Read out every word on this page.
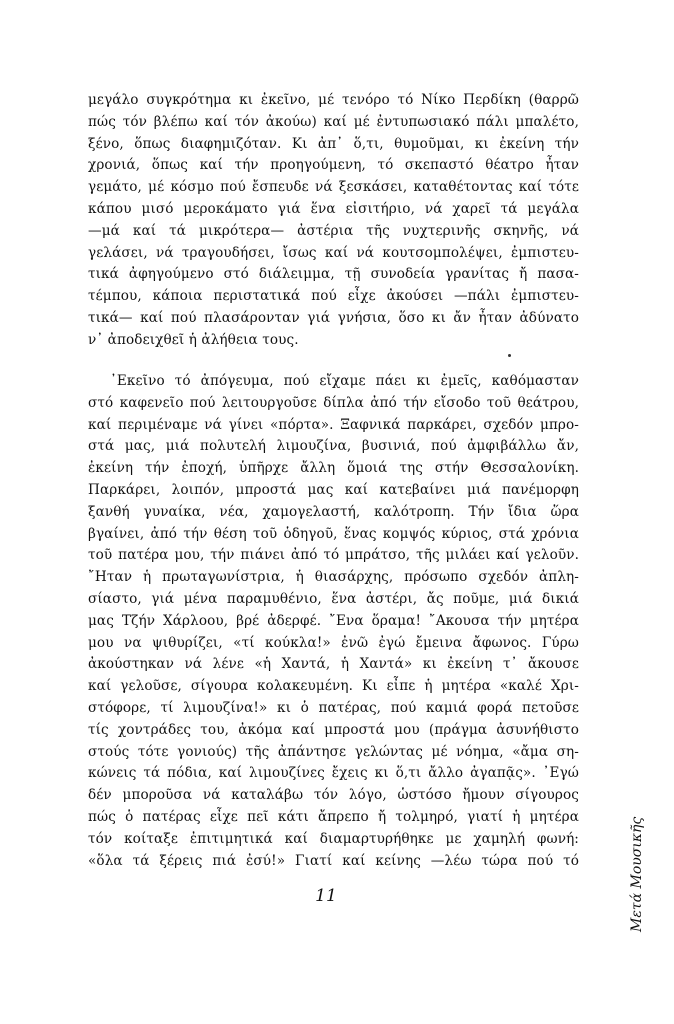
μεγάλο συγκρότημα κι ἐκεῖνο, μέ τενόρο τό Νίκο Περδίκη (θαρρῶ
πώς τόν βλέπω καί τόν ἀκούω) καί μέ ἐντυπωσιακό πάλι μπαλέτο,
ξένο, ὅπως διαφημιζόταν. Κι ἀπ᾿ ὅ,τι, θυμοῦμαι, κι ἐκείνη τήν
χρονιά, ὅπως καί τήν προηγούμενη, τό σκεπαστό θέατρο ἦταν
γεμάτο, μέ κόσμο πού ἔσπευδε νά ξεσκάσει, καταθέτοντας καί τότε
κάπου μισό μεροκάματο γιά ἕνα εἰσιτήριο, νά χαρεῖ τά μεγάλα
—μά καί τά μικρότερα— ἀστέρια τῆς νυχτερινῆς σκηνῆς, νά
γελάσει, νά τραγουδήσει, ἴσως καί νά κουτσομπολέψει, ἐμπιστευ-
τικά ἀφηγούμενο στό διάλειμμα, τῇ συνοδεία γρανίτας ἤ πασα-
τέμπου, κάποια περιστατικά πού εἶχε ἀκούσει —πάλι ἐμπιστευ-
τικά— καί πού πλασάρονταν γιά γνήσια, ὅσο κι ἄν ἦταν ἀδύνατο
ν᾿ ἀποδειχθεῖ ἡ ἀλήθεια τους.
᾿Εκεῖνο τό ἀπόγευμα, πού εἴχαμε πάει κι ἐμεῖς, καθόμασταν
στό καφενεῖο πού λειτουργοῦσε δίπλα ἀπό τήν εἴσοδο τοῦ θεάτρου,
καί περιμέναμε νά γίνει «πόρτα». Ξαφνικά παρκάρει, σχεδόν μπρο-
στά μας, μιά πολυτελή λιμουζίνα, βυσινιά, πού ἀμφιβάλλω ἄν,
ἐκείνη τήν ἐποχή, ὑπῆρχε ἄλλη ὅμοιά της στήν Θεσσαλονίκη.
Παρκάρει, λοιπόν, μπροστά μας καί κατεβαίνει μιά πανέμορφη
ξανθή γυναίκα, νέα, χαμογελαστή, καλότροπη. Τήν ἴδια ὥρα
βγαίνει, ἀπό τήν θέση τοῦ ὁδηγοῦ, ἕνας κομψός κύριος, στά χρόνια
τοῦ πατέρα μου, τήν πιάνει ἀπό τό μπράτσο, τῆς μιλάει καί γελοῦν.
῎Ηταν ἡ πρωταγωνίστρια, ἡ θιασάρχης, πρόσωπο σχεδόν ἀπλη-
σίαστο, γιά μένα παραμυθένιο, ἕνα ἀστέρι, ἄς ποῦμε, μιά δικιά
μας Τζήν Χάρλοου, βρέ ἀδερφέ. ῎Ενα ὅραμα! ῎Ακουσα τήν μητέρα
μου να ψιθυρίζει, «τί κούκλα!» ἐνῶ ἐγώ ἔμεινα ἄφωνος. Γύρω
ἀκούστηκαν νά λένε «ἡ Χαντά, ἡ Χαντά» κι ἐκείνη τ᾿ ἄκουσε
καί γελοῦσε, σίγουρα κολακευμένη. Κι εἶπε ἡ μητέρα «καλέ Χρι-
στόφορε, τί λιμουζίνα!» κι ὁ πατέρας, πού καμιά φορά πετοῦσε
τίς χοντράδες του, ἀκόμα καί μπροστά μου (πράγμα ἀσυνήθιστο
στούς τότε γονιούς) τῆς ἀπάντησε γελώντας μέ νόημα, «ἄμα ση-
κώνεις τά πόδια, καί λιμουζίνες ἔχεις κι ὅ,τι ἄλλο ἀγαπᾷς». ᾿Εγώ
δέν μποροῦσα νά καταλάβω τόν λόγο, ὡστόσο ἤμουν σίγουρος
πώς ὁ πατέρας εἶχε πεῖ κάτι ἄπρεπο ἤ τολμηρό, γιατί ἡ μητέρα
τόν κοίταξε ἐπιτιμητικά καί διαμαρτυρήθηκε με χαμηλή φωνή:
«ὅλα τά ξέρεις πιά ἐσύ!» Γιατί καί κείνης —λέω τώρα πού τό
11	Μετά Μουσικῆς
